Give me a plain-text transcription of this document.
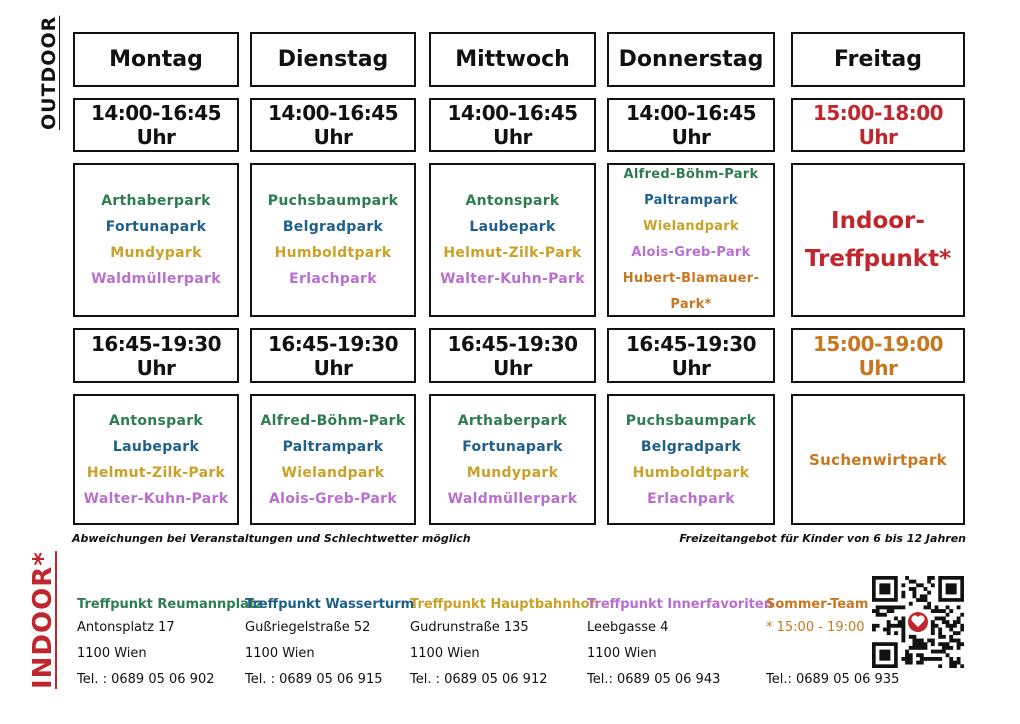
OUTDOOR
INDOOR*
Montag
14:00-16:45 Uhr
16:45-19:30 Uhr
Arthaberpark
Fortunapark
Mundypark
Waldmüllerpark
Antonspark
Laubepark
Helmut-Zilk-Park
Walter-Kuhn-Park
Dienstag
14:00-16:45 Uhr
16:45-19:30 Uhr
Puchsbaumpark
Belgradpark
Humboldtpark
Erlachpark
Alfred-Böhm-Park
Paltrampark
Wielandpark
Alois-Greb-Park
Mittwoch
14:00-16:45 Uhr
16:45-19:30 Uhr
Antonspark
Laubepark
Helmut-Zilk-Park
Walter-Kuhn-Park
Arthaberpark
Fortunapark
Mundypark
Waldmüllerpark
Donnerstag
14:00-16:45 Uhr
16:45-19:30 Uhr
Alfred-Böhm-Park
Paltrampark
Wielandpark
Alois-Greb-Park
Hubert-Blamauer-Park*
Puchsbaumpark
Belgradpark
Humboldtpark
Erlachpark
Freitag
15:00-18:00 Uhr
15:00-19:00 Uhr
Indoor-
Treffpunkt*
Suchenwirtpark
Abweichungen bei Veranstaltungen und Schlechtwetter möglich	Freizeitangebot für Kinder von 6 bis 12 Jahren
Treffpunkt Reumannplatz
Antonsplatz 17
1100 Wien
Tel. : 0689 05 06 902
Treffpunkt Wasserturm
Gußriegelstraße 52
1100 Wien
Tel. : 0689 05 06 915
Treffpunkt Hauptbahnhof
Gudrunstraße 135
1100 Wien
Tel. : 0689 05 06 912
Treffpunkt Innerfavoriten
Leebgasse 4
1100 Wien
Tel.: 0689 05 06 943
Sommer-Team
* 15:00 - 19:00
Tel.: 0689 05 06 935
